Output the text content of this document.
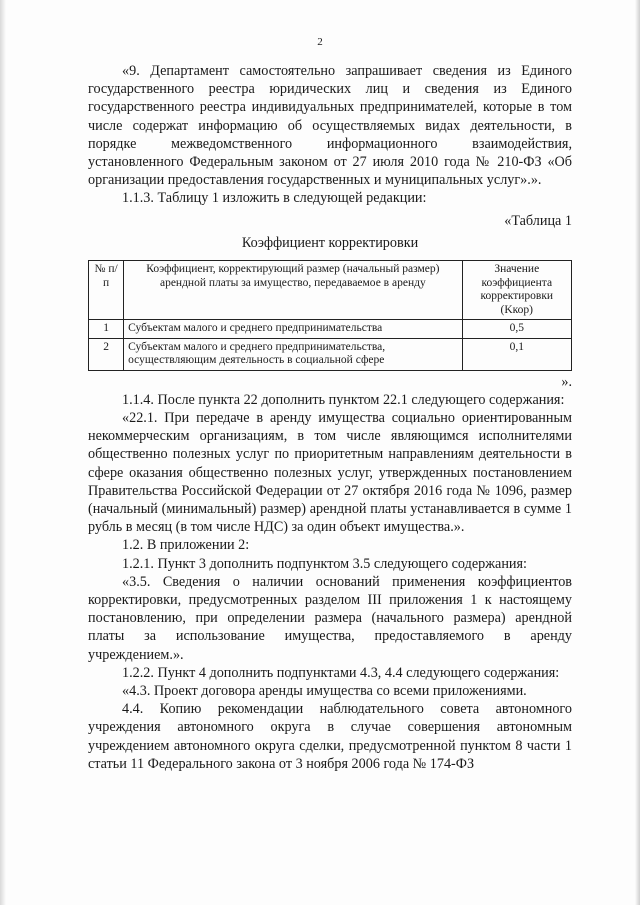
2

«9. Департамент самостоятельно запрашивает сведения из Единого государственного реестра юридических лиц и сведения из Единого государственного реестра индивидуальных предпринимателей, которые в том числе содержат информацию об осуществляемых видах деятельности, в порядке межведомственного информационного взаимодействия, установленного Федеральным законом от 27 июля 2010 года № 210-ФЗ «Об организации предоставления государственных и муниципальных услуг».».

1.1.3. Таблицу 1 изложить в следующей редакции:

«Таблица 1

Коэффициент корректировки

№ п/п	Коэффициент, корректирующий размер (начальный размер) арендной платы за имущество, передаваемое в аренду	Значение коэффициента корректировки (Kкор)
1	Субъектам малого и среднего предпринимательства	0,5
2	Субъектам малого и среднего предпринимательства, осуществляющим деятельность в социальной сфере	0,1

».

1.1.4. После пункта 22 дополнить пунктом 22.1 следующего содержания:

«22.1. При передаче в аренду имущества социально ориентированным некоммерческим организациям, в том числе являющимся исполнителями общественно полезных услуг по приоритетным направлениям деятельности в сфере оказания общественно полезных услуг, утвержденных постановлением Правительства Российской Федерации от 27 октября 2016 года № 1096, размер (начальный (минимальный) размер) арендной платы устанавливается в сумме 1 рубль в месяц (в том числе НДС) за один объект имущества.».

1.2. В приложении 2:

1.2.1. Пункт 3 дополнить подпунктом 3.5 следующего содержания:

«3.5. Сведения о наличии оснований применения коэффициентов корректировки, предусмотренных разделом III приложения 1 к настоящему постановлению, при определении размера (начального размера) арендной платы за использование имущества, предоставляемого в аренду учреждением.».

1.2.2. Пункт 4 дополнить подпунктами 4.3, 4.4 следующего содержания:

«4.3. Проект договора аренды имущества со всеми приложениями.

4.4. Копию рекомендации наблюдательного совета автономного учреждения автономного округа в случае совершения автономным учреждением автономного округа сделки, предусмотренной пунктом 8 части 1 статьи 11 Федерального закона от 3 ноября 2006 года № 174-ФЗ
